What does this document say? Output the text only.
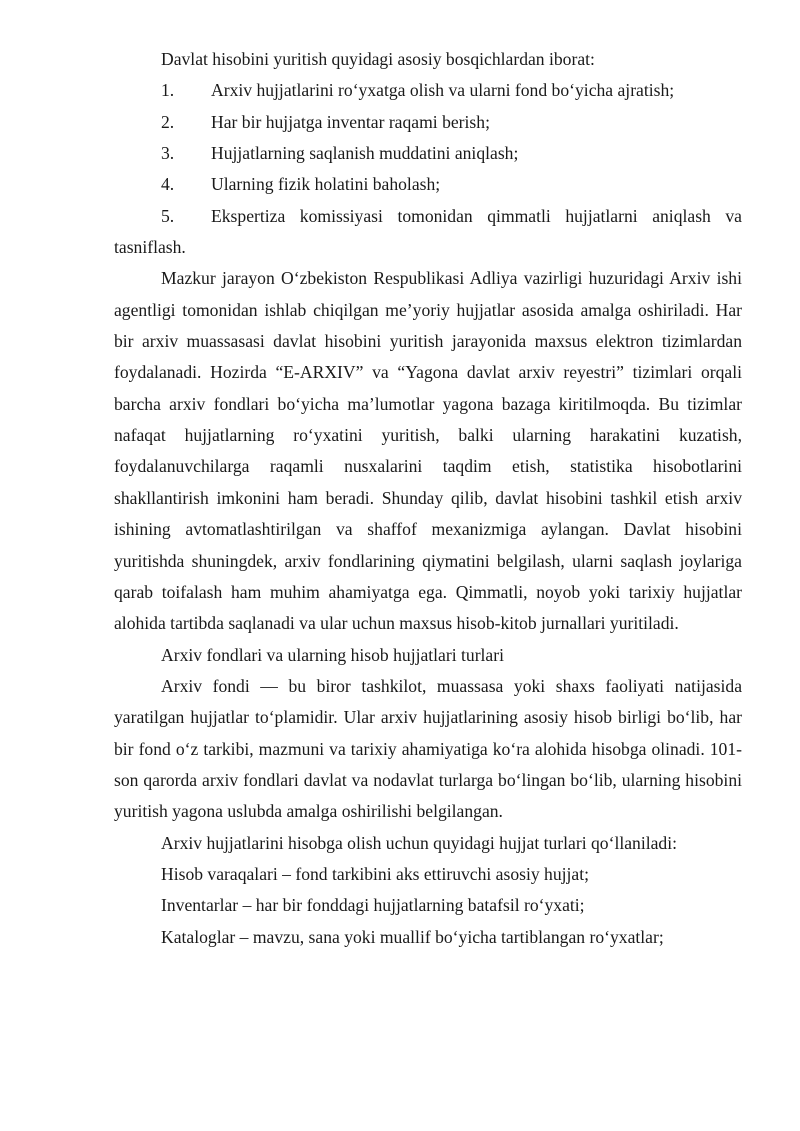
Davlat hisobini yuritish quyidagi asosiy bosqichlardan iborat:

1. Arxiv hujjatlarini ro‘yxatga olish va ularni fond bo‘yicha ajratish;

2. Har bir hujjatga inventar raqami berish;

3. Hujjatlarning saqlanish muddatini aniqlash;

4. Ularning fizik holatini baholash;

5. Ekspertiza komissiyasi tomonidan qimmatli hujjatlarni aniqlash va tasniflash.

Mazkur jarayon O‘zbekiston Respublikasi Adliya vazirligi huzuridagi Arxiv ishi agentligi tomonidan ishlab chiqilgan me’yoriy hujjatlar asosida amalga oshiriladi. Har bir arxiv muassasasi davlat hisobini yuritish jarayonida maxsus elektron tizimlardan foydalanadi. Hozirda “E-ARXIV” va “Yagona davlat arxiv reyestri” tizimlari orqali barcha arxiv fondlari bo‘yicha ma’lumotlar yagona bazaga kiritilmoqda. Bu tizimlar nafaqat hujjatlarning ro‘yxatini yuritish, balki ularning harakatini kuzatish, foydalanuvchilarga raqamli nusxalarini taqdim etish, statistika hisobotlarini shakllantirish imkonini ham beradi. Shunday qilib, davlat hisobini tashkil etish arxiv ishining avtomatlashtirilgan va shaffof mexanizmiga aylangan. Davlat hisobini yuritishda shuningdek, arxiv fondlarining qiymatini belgilash, ularni saqlash joylariga qarab toifalash ham muhim ahamiyatga ega. Qimmatli, noyob yoki tarixiy hujjatlar alohida tartibda saqlanadi va ular uchun maxsus hisob-kitob jurnallari yuritiladi.

Arxiv fondlari va ularning hisob hujjatlari turlari

Arxiv fondi — bu biror tashkilot, muassasa yoki shaxs faoliyati natijasida yaratilgan hujjatlar to‘plamidir. Ular arxiv hujjatlarining asosiy hisob birligi bo‘lib, har bir fond o‘z tarkibi, mazmuni va tarixiy ahamiyatiga ko‘ra alohida hisobga olinadi. 101-son qarorda arxiv fondlari davlat va nodavlat turlarga bo‘lingan bo‘lib, ularning hisobini yuritish yagona uslubda amalga oshirilishi belgilangan.

Arxiv hujjatlarini hisobga olish uchun quyidagi hujjat turlari qo‘llaniladi:

Hisob varaqalari – fond tarkibini aks ettiruvchi asosiy hujjat;

Inventarlar – har bir fonddagi hujjatlarning batafsil ro‘yxati;

Kataloglar – mavzu, sana yoki muallif bo‘yicha tartiblangan ro‘yxatlar;
